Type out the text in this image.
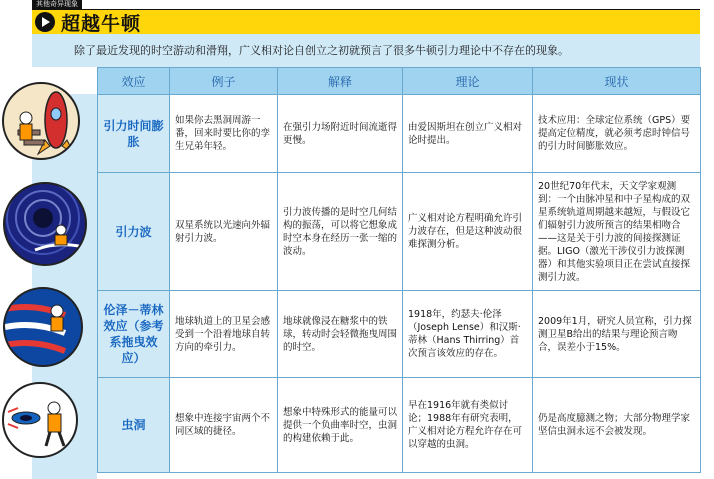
其他奇异现象
超越牛顿
除了最近发现的时空游动和滑翔，广义相对论自创立之初就预言了很多牛顿引力理论中不存在的现象。
效应	例子	解释	理论	现状
引力时间膨胀	如果你去黑洞周游一番，回来时要比你的孪生兄弟年轻。	在强引力场附近时间流逝得更慢。	由爱因斯坦在创立广义相对论时提出。	技术应用：全球定位系统（GPS）要提高定位精度，就必须考虑时钟信号的引力时间膨胀效应。
引力波	双星系统以光速向外辐射引力波。	引力波传播的是时空几何结构的振荡，可以将它想象成时空本身在经历一张一缩的波动。	广义相对论方程明确允许引力波存在，但是这种波动很难探测分析。	20世纪70年代末，天文学家观测到：一个由脉冲星和中子星构成的双星系统轨道周期越来越短，与假设它们辐射引力波所预言的结果相吻合——这是关于引力波的间接探测证据。LIGO（激光干涉仪引力波探测器）和其他实验项目正在尝试直接探测引力波。
伦泽－蒂林效应（参考系拖曳效应）	地球轨道上的卫星会感受到一个沿着地球自转方向的牵引力。	地球就像浸在糖浆中的铁球，转动时会轻微拖曳周围的时空。	1918年，约瑟夫·伦泽（Joseph Lense）和汉斯·蒂林（Hans Thirring）首次预言该效应的存在。	2009年1月，研究人员宣称，引力探测卫星B给出的结果与理论预言吻合，误差小于15%。
虫洞	想象中连接宇宙两个不同区域的捷径。	想象中特殊形式的能量可以提供一个负曲率时空，虫洞的构建依赖于此。	早在1916年就有类似讨论；1988年有研究表明，广义相对论方程允许存在可以穿越的虫洞。	仍是高度臆测之物；大部分物理学家坚信虫洞永远不会被发现。
